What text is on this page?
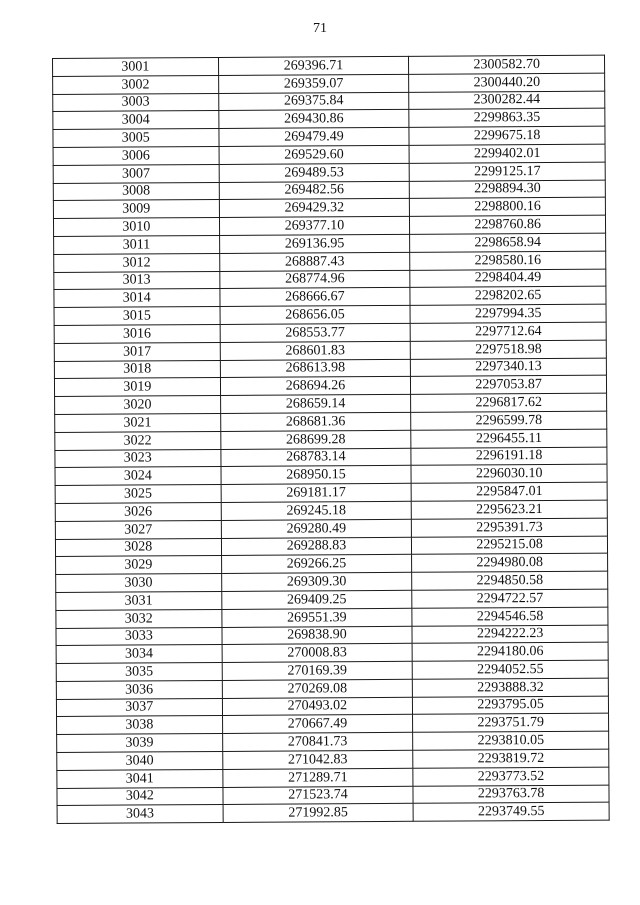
71
3001	269396.71	2300582.70
3002	269359.07	2300440.20
3003	269375.84	2300282.44
3004	269430.86	2299863.35
3005	269479.49	2299675.18
3006	269529.60	2299402.01
3007	269489.53	2299125.17
3008	269482.56	2298894.30
3009	269429.32	2298800.16
3010	269377.10	2298760.86
3011	269136.95	2298658.94
3012	268887.43	2298580.16
3013	268774.96	2298404.49
3014	268666.67	2298202.65
3015	268656.05	2297994.35
3016	268553.77	2297712.64
3017	268601.83	2297518.98
3018	268613.98	2297340.13
3019	268694.26	2297053.87
3020	268659.14	2296817.62
3021	268681.36	2296599.78
3022	268699.28	2296455.11
3023	268783.14	2296191.18
3024	268950.15	2296030.10
3025	269181.17	2295847.01
3026	269245.18	2295623.21
3027	269280.49	2295391.73
3028	269288.83	2295215.08
3029	269266.25	2294980.08
3030	269309.30	2294850.58
3031	269409.25	2294722.57
3032	269551.39	2294546.58
3033	269838.90	2294222.23
3034	270008.83	2294180.06
3035	270169.39	2294052.55
3036	270269.08	2293888.32
3037	270493.02	2293795.05
3038	270667.49	2293751.79
3039	270841.73	2293810.05
3040	271042.83	2293819.72
3041	271289.71	2293773.52
3042	271523.74	2293763.78
3043	271992.85	2293749.55
